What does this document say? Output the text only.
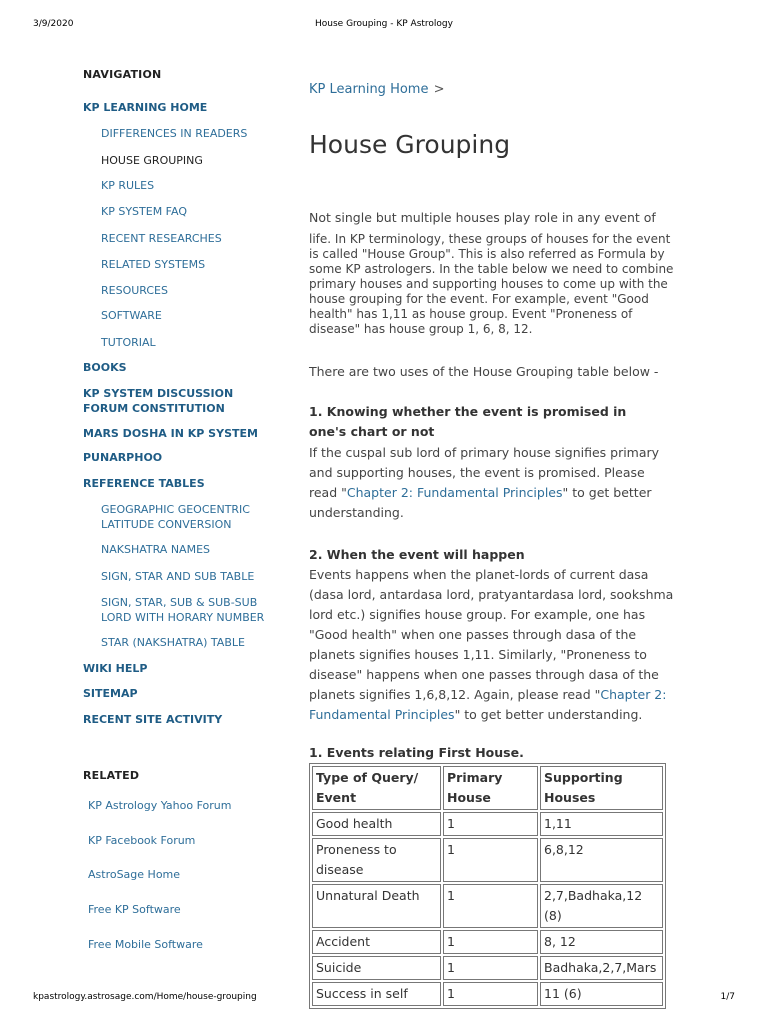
3/9/2020	House Grouping - KP Astrology
kpastrology.astrosage.com/Home/house-grouping	1/7
NAVIGATION
KP LEARNING HOME
DIFFERENCES IN READERS
HOUSE GROUPING
KP RULES
KP SYSTEM FAQ
RECENT RESEARCHES
RELATED SYSTEMS
RESOURCES
SOFTWARE
TUTORIAL
BOOKS
KP SYSTEM DISCUSSION FORUM CONSTITUTION
MARS DOSHA IN KP SYSTEM
PUNARPHOO
REFERENCE TABLES
GEOGRAPHIC GEOCENTRIC LATITUDE CONVERSION
NAKSHATRA NAMES
SIGN, STAR AND SUB TABLE
SIGN, STAR, SUB & SUB-SUB LORD WITH HORARY NUMBER
STAR (NAKSHATRA) TABLE
WIKI HELP
SITEMAP
RECENT SITE ACTIVITY
RELATED
KP Astrology Yahoo Forum
KP Facebook Forum
AstroSage Home
Free KP Software
Free Mobile Software
KP Learning Home >
House Grouping
Not single but multiple houses play role in any event of
life. In KP terminology, these groups of houses for the event is called "House Group". This is also referred as Formula by some KP astrologers. In the table below we need to combine primary houses and supporting houses to come up with the house grouping for the event. For example, event "Good health" has 1,11 as house group. Event "Proneness of disease" has house group 1, 6, 8, 12.
There are two uses of the House Grouping table below -
1. Knowing whether the event is promised in one's chart or not
If the cuspal sub lord of primary house signifies primary and supporting houses, the event is promised. Please read "Chapter 2: Fundamental Principles" to get better understanding.
2. When the event will happen
Events happens when the planet-lords of current dasa (dasa lord, antardasa lord, pratyantardasa lord, sookshma lord etc.) signifies house group. For example, one has "Good health" when one passes through dasa of the planets signifies houses 1,11. Similarly, "Proneness to disease" happens when one passes through dasa of the planets signifies 1,6,8,12. Again, please read "Chapter 2: Fundamental Principles" to get better understanding.
1. Events relating First House.
Type of Query/ Event	Primary House	Supporting Houses
Good health	1	1,11
Proneness to disease	1	6,8,12
Unnatural Death	1	2,7,Badhaka,12 (8)
Accident	1	8, 12
Suicide	1	Badhaka,2,7,Mars
Success in self	1	11 (6)
